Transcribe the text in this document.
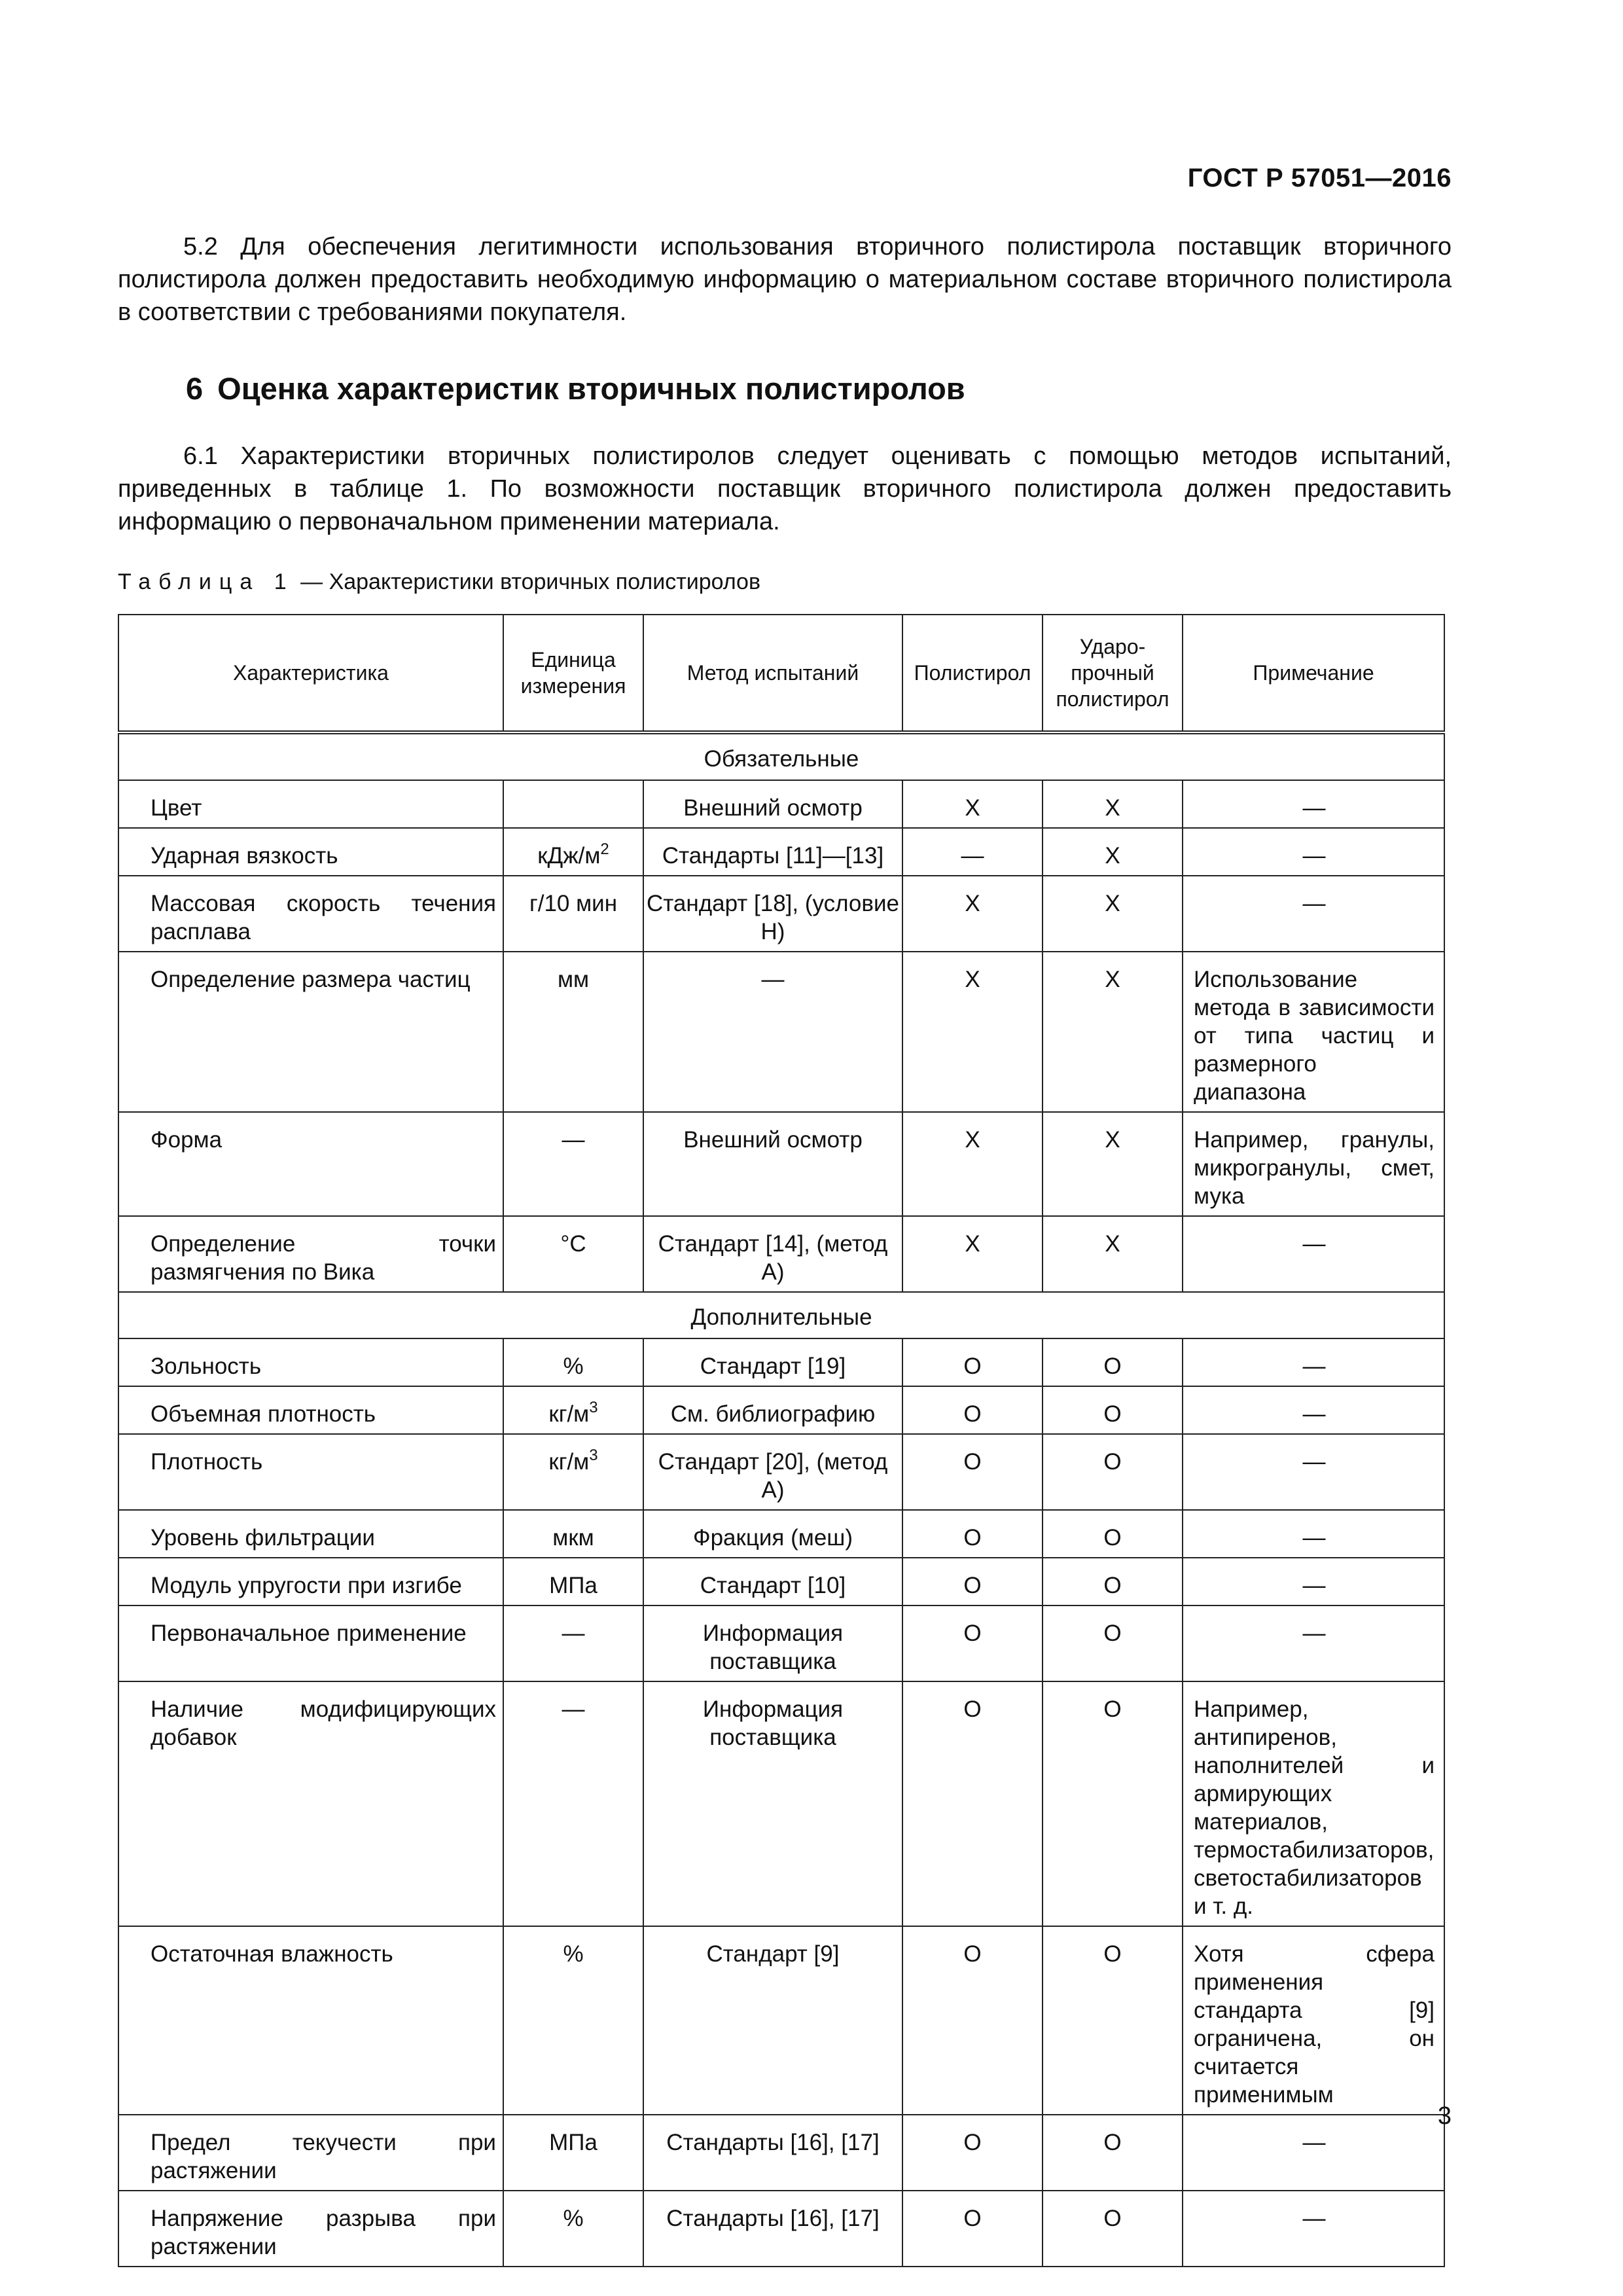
ГОСТ Р 57051—2016
5.2 Для обеспечения легитимности использования вторичного полистирола поставщик вторичного полистирола должен предоставить необходимую информацию о материальном составе вторичного полистирола в соответствии с требованиями покупателя.
6 Оценка характеристик вторичных полистиролов
6.1 Характеристики вторичных полистиролов следует оценивать с помощью методов испытаний, приведенных в таблице 1. По возможности поставщик вторичного полистирола должен предоставить информацию о первоначальном применении материала.
Таблица 1 — Характеристики вторичных полистиролов
Характеристика	Единица измерения	Метод испытаний	Полистирол	Ударо- прочный полистирол	Примечание
Обязательные					
Цвет		Внешний осмотр	X	X	—
Ударная вязкость	кДж/$м^2$	Стандарты [11]—[13]	—	X	—
Массовая скорость течения расплава	г/10 мин	Стандарт [18], (условие Н)	X	X	—
Определение размера частиц	мм	—	X	X	Использование метода в зависимости от типа частиц и размерного диапазона
Форма	—	Внешний осмотр	X	X	Например, гранулы, микрогранулы, смет, мука
Определение точки размягчения по Вика	°С	Стандарт [14], (метод А)	X	X	—
Дополнительные					
Зольность	%	Стандарт [19]	О	О	—
Объемная плотность	$кг/м^3$	См. библиографию	О	О	—
Плотность	$кг/м^3$	Стандарт [20], (метод А)	О	О	—
Уровень фильтрации	мкм	Фракция (меш)	О	О	—
Модуль упругости при изгибе	МПа	Стандарт [10]	О	О	—
Первоначальное применение	—	Информация поставщика	О	О	—
Наличие модифицирующих добавок	—	Информация поставщика	О	О	Например, антипиренов, наполнителей и армирующих материалов, термостабилизаторов, светостабилизаторов и т. д.
Остаточная влажность	%	Стандарт [9]	О	О	Хотя сфера применения стандарта [9] ограничена, он считается применимым
Предел текучести при растяжении	МПа	Стандарты [16], [17]	О	О	—
Напряжение разрыва при растяжении	%	Стандарты [16], [17]	О	О	—
3
